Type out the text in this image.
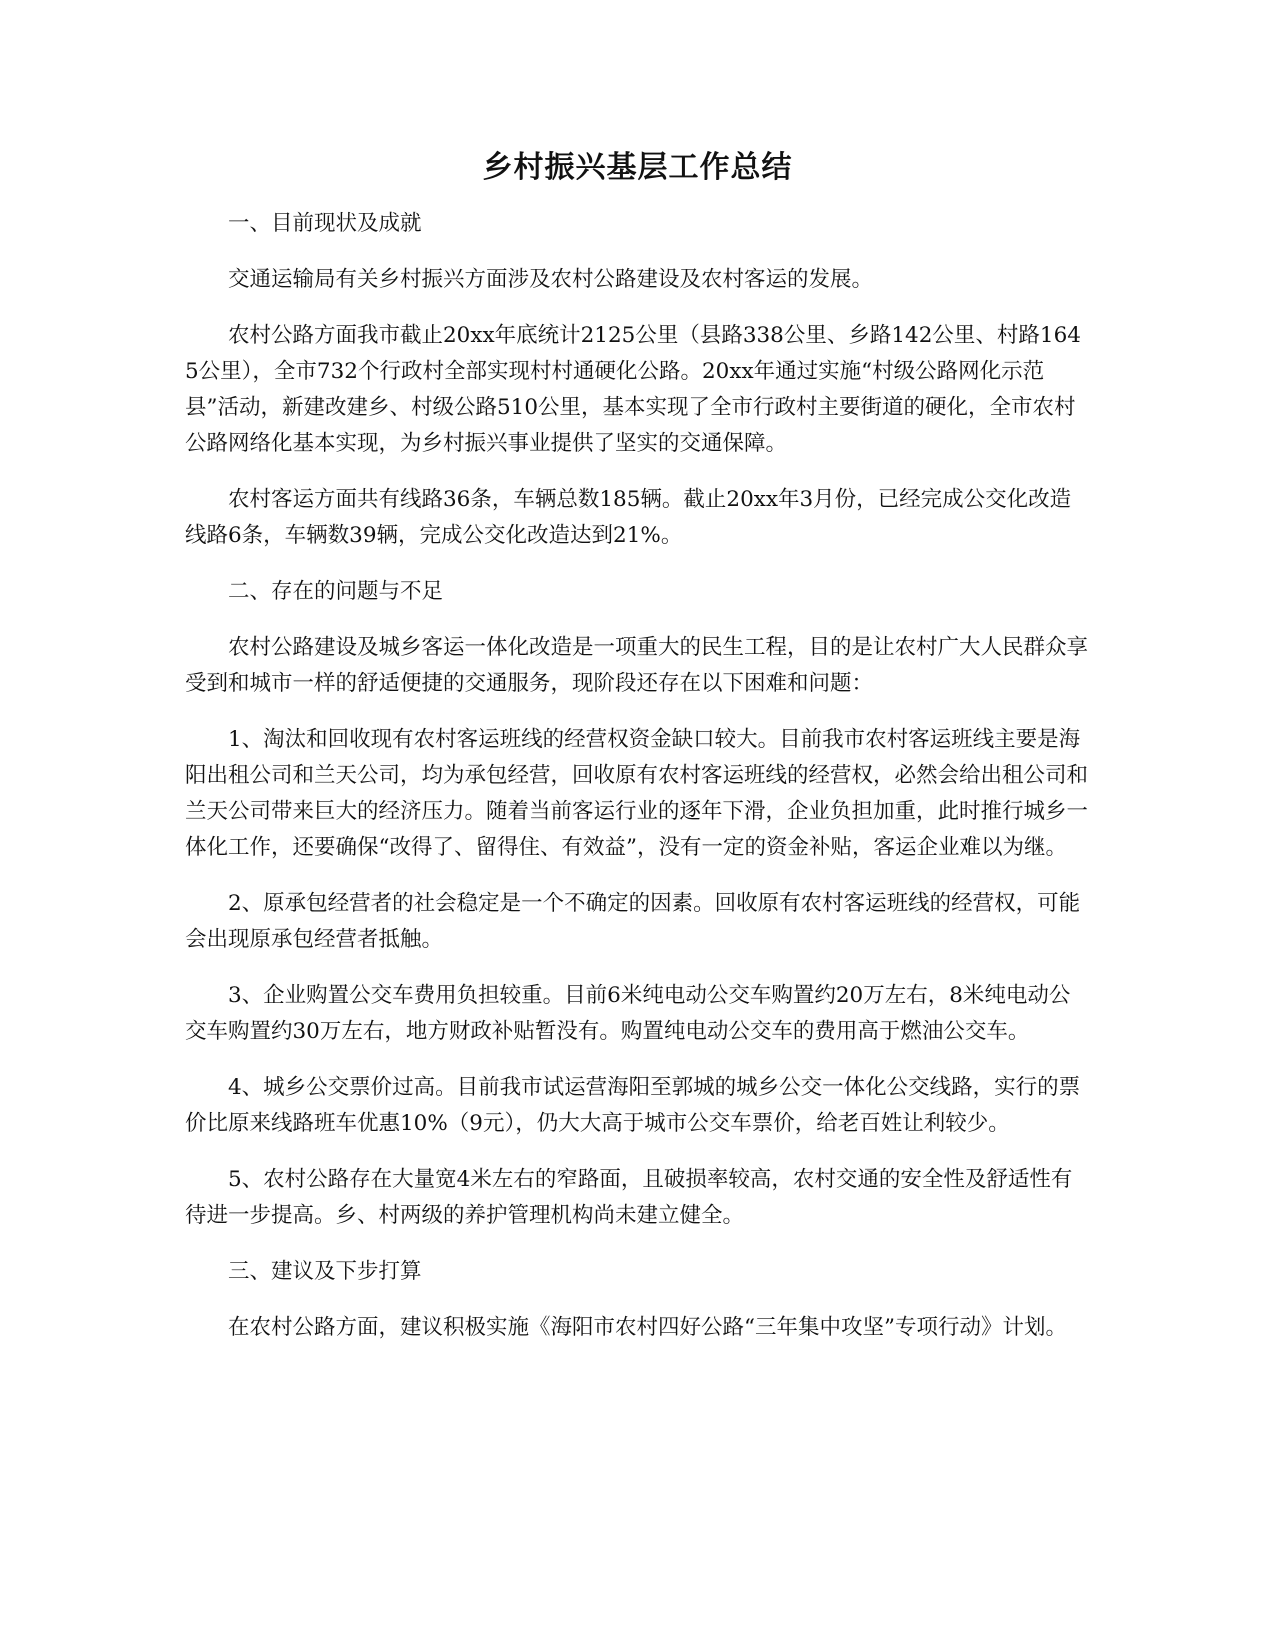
乡村振兴基层工作总结

一、目前现状及成就

交通运输局有关乡村振兴方面涉及农村公路建设及农村客运的发展。

农村公路方面我市截止20xx年底统计2125公里（县路338公里、乡路142公里、村路1645公里），全市732个行政村全部实现村村通硬化公路。20xx年通过实施“村级公路网化示范县”活动，新建改建乡、村级公路510公里，基本实现了全市行政村主要街道的硬化，全市农村公路网络化基本实现，为乡村振兴事业提供了坚实的交通保障。

农村客运方面共有线路36条，车辆总数185辆。截止20xx年3月份，已经完成公交化改造线路6条，车辆数39辆，完成公交化改造达到21%。

二、存在的问题与不足

农村公路建设及城乡客运一体化改造是一项重大的民生工程，目的是让农村广大人民群众享受到和城市一样的舒适便捷的交通服务，现阶段还存在以下困难和问题：

1、淘汰和回收现有农村客运班线的经营权资金缺口较大。目前我市农村客运班线主要是海阳出租公司和兰天公司，均为承包经营，回收原有农村客运班线的经营权，必然会给出租公司和兰天公司带来巨大的经济压力。随着当前客运行业的逐年下滑，企业负担加重，此时推行城乡一体化工作，还要确保“改得了、留得住、有效益”，没有一定的资金补贴，客运企业难以为继。

2、原承包经营者的社会稳定是一个不确定的因素。回收原有农村客运班线的经营权，可能会出现原承包经营者抵触。

3、企业购置公交车费用负担较重。目前6米纯电动公交车购置约20万左右，8米纯电动公交车购置约30万左右，地方财政补贴暂没有。购置纯电动公交车的费用高于燃油公交车。

4、城乡公交票价过高。目前我市试运营海阳至郭城的城乡公交一体化公交线路，实行的票价比原来线路班车优惠10%（9元），仍大大高于城市公交车票价，给老百姓让利较少。

5、农村公路存在大量宽4米左右的窄路面，且破损率较高，农村交通的安全性及舒适性有待进一步提高。乡、村两级的养护管理机构尚未建立健全。

三、建议及下步打算

在农村公路方面，建议积极实施《海阳市农村四好公路“三年集中攻坚”专项行动》计划。
